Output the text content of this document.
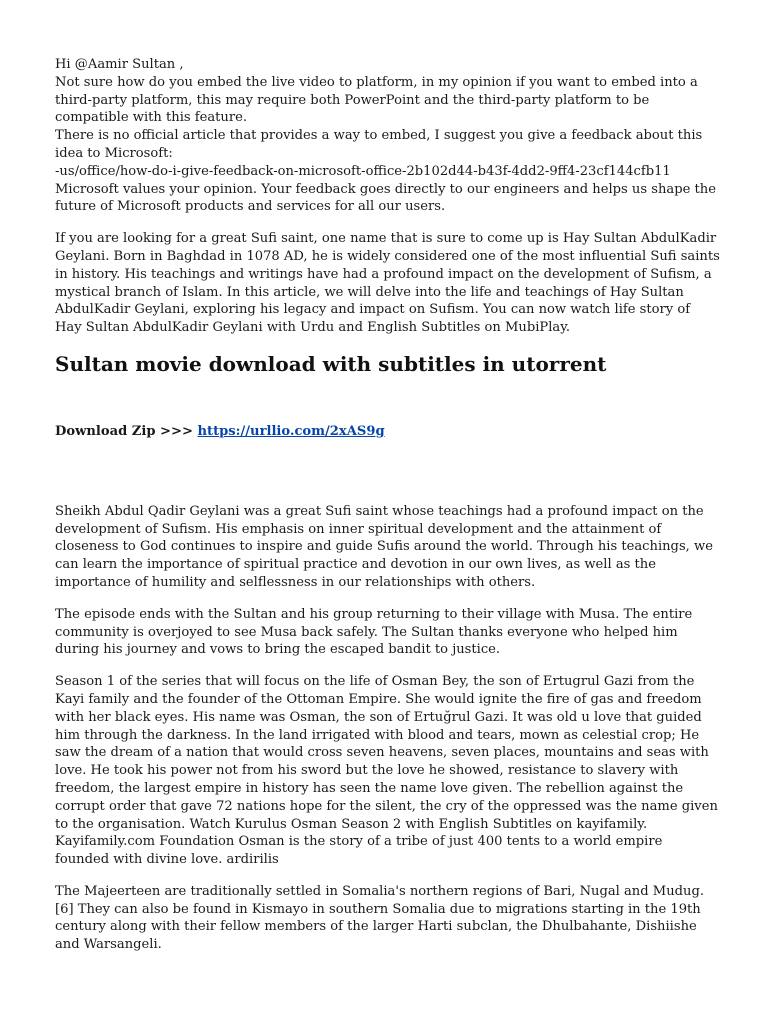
Hi @Aamir Sultan ,

Not sure how do you embed the live video to platform, in my opinion if you want to embed into a third-party platform, this may require both PowerPoint and the third-party platform to be compatible with this feature.

There is no official article that provides a way to embed, I suggest you give a feedback about this idea to Microsoft:

-us/office/how-do-i-give-feedback-on-microsoft-office-2b102d44-b43f-4dd2-9ff4-23cf144cfb11

Microsoft values your opinion. Your feedback goes directly to our engineers and helps us shape the future of Microsoft products and services for all our users.

If you are looking for a great Sufi saint, one name that is sure to come up is Hay Sultan AbdulKadir Geylani. Born in Baghdad in 1078 AD, he is widely considered one of the most influential Sufi saints in history. His teachings and writings have had a profound impact on the development of Sufism, a mystical branch of Islam. In this article, we will delve into the life and teachings of Hay Sultan AbdulKadir Geylani, exploring his legacy and impact on Sufism. You can now watch life story of Hay Sultan AbdulKadir Geylani with Urdu and English Subtitles on MubiPlay.

Sultan movie download with subtitles in utorrent
Download Zip >>> https://urllio.com/2xAS9g

Sheikh Abdul Qadir Geylani was a great Sufi saint whose teachings had a profound impact on the development of Sufism. His emphasis on inner spiritual development and the attainment of closeness to God continues to inspire and guide Sufis around the world. Through his teachings, we can learn the importance of spiritual practice and devotion in our own lives, as well as the importance of humility and selflessness in our relationships with others.

The episode ends with the Sultan and his group returning to their village with Musa. The entire community is overjoyed to see Musa back safely. The Sultan thanks everyone who helped him during his journey and vows to bring the escaped bandit to justice.

Season 1 of the series that will focus on the life of Osman Bey, the son of Ertugrul Gazi from the Kayi family and the founder of the Ottoman Empire. She would ignite the fire of gas and freedom with her black eyes. His name was Osman, the son of Ertuğrul Gazi. It was old u love that guided him through the darkness. In the land irrigated with blood and tears, mown as celestial crop; He saw the dream of a nation that would cross seven heavens, seven places, mountains and seas with love. He took his power not from his sword but the love he showed, resistance to slavery with freedom, the largest empire in history has seen the name love given. The rebellion against the corrupt order that gave 72 nations hope for the silent, the cry of the oppressed was the name given to the organisation. Watch Kurulus Osman Season 2 with English Subtitles on kayifamily. Kayifamily.com Foundation Osman is the story of a tribe of just 400 tents to a world empire founded with divine love. ardirilis

The Majeerteen are traditionally settled in Somalia's northern regions of Bari, Nugal and Mudug.[6] They can also be found in Kismayo in southern Somalia due to migrations starting in the 19th century along with their fellow members of the larger Harti subclan, the Dhulbahante, Dishiishe and Warsangeli.
